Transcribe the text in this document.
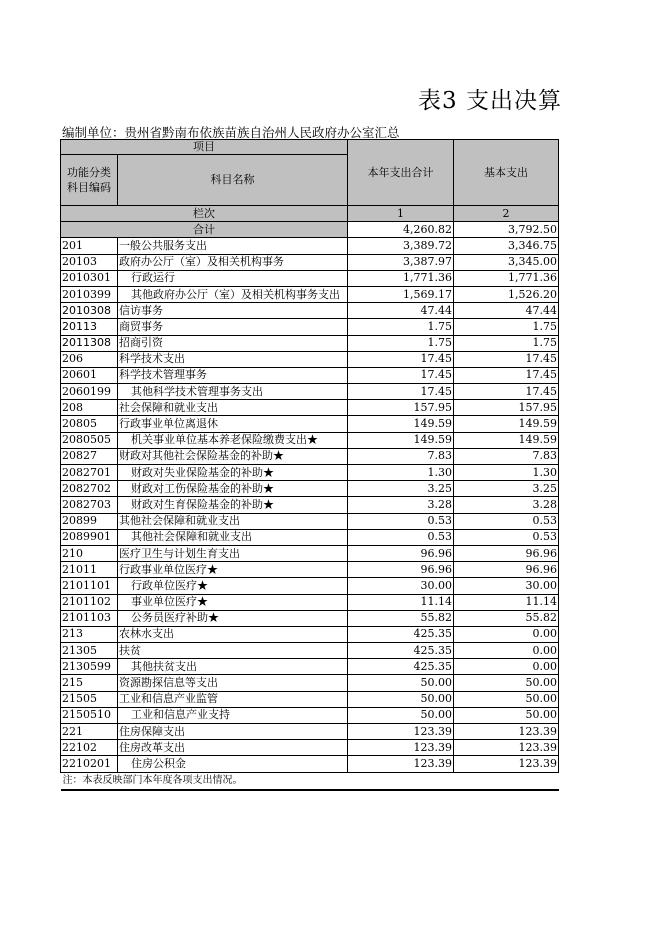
表3 支出决算
编制单位：贵州省黔南布依族苗族自治州人民政府办公室汇总
项目		本年支出合计	基本支出
功能分类
科目编码	科目名称		
栏次		1	2
合计		4,260.82	3,792.50
201	一般公共服务支出	3,389.72	3,346.75
20103	政府办公厅（室）及相关机构事务	3,387.97	3,345.00
2010301	行政运行	1,771.36	1,771.36
2010399	其他政府办公厅（室）及相关机构事务支出	1,569.17	1,526.20
2010308	信访事务	47.44	47.44
20113	商贸事务	1.75	1.75
2011308	招商引资	1.75	1.75
206	科学技术支出	17.45	17.45
20601	科学技术管理事务	17.45	17.45
2060199	其他科学技术管理事务支出	17.45	17.45
208	社会保障和就业支出	157.95	157.95
20805	行政事业单位离退休	149.59	149.59
2080505	机关事业单位基本养老保险缴费支出★	149.59	149.59
20827	财政对其他社会保险基金的补助★	7.83	7.83
2082701	财政对失业保险基金的补助★	1.30	1.30
2082702	财政对工伤保险基金的补助★	3.25	3.25
2082703	财政对生育保险基金的补助★	3.28	3.28
20899	其他社会保障和就业支出	0.53	0.53
2089901	其他社会保障和就业支出	0.53	0.53
210	医疗卫生与计划生育支出	96.96	96.96
21011	行政事业单位医疗★	96.96	96.96
2101101	行政单位医疗★	30.00	30.00
2101102	事业单位医疗★	11.14	11.14
2101103	公务员医疗补助★	55.82	55.82
213	农林水支出	425.35	0.00
21305	扶贫	425.35	0.00
2130599	其他扶贫支出	425.35	0.00
215	资源勘探信息等支出	50.00	50.00
21505	工业和信息产业监管	50.00	50.00
2150510	工业和信息产业支持	50.00	50.00
221	住房保障支出	123.39	123.39
22102	住房改革支出	123.39	123.39
2210201	住房公积金	123.39	123.39
注：本表反映部门本年度各项支出情况。			
